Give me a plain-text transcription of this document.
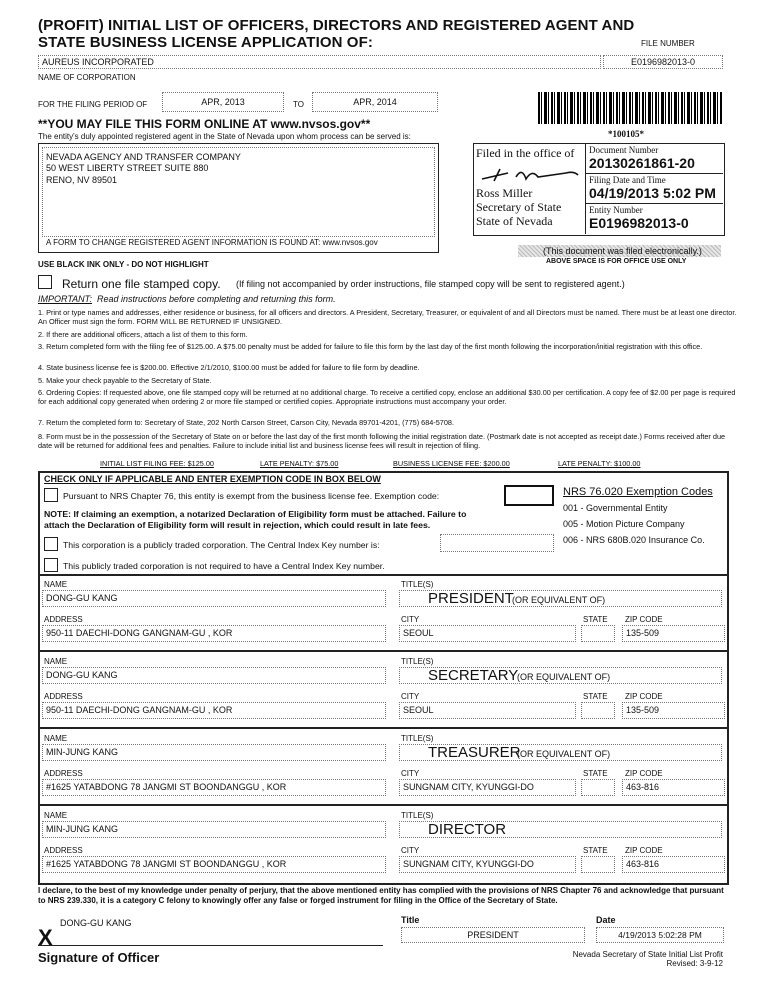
(PROFIT) INITIAL LIST OF OFFICERS, DIRECTORS AND REGISTERED AGENT AND
STATE BUSINESS LICENSE APPLICATION OF:	FILE NUMBER
AUREUS INCORPORATED	E0196982013-0
NAME OF CORPORATION
FOR THE FILING PERIOD OF	APR, 2013	TO	APR, 2014
*100105*
**YOU MAY FILE THIS FORM ONLINE AT www.nvsos.gov**
The entity's duly appointed registered agent in the State of Nevada upon whom process can be served is:
NEVADA AGENCY AND TRANSFER COMPANY
50 WEST LIBERTY STREET SUITE 880
RENO, NV 89501
A FORM TO CHANGE REGISTERED AGENT INFORMATION IS FOUND AT: www.nvsos.gov
Filed in the office of Document Number
20130261861-20
Filing Date and Time
04/19/2013 5:02 PM
Entity Number
E0196982013-0
Ross Miller
Secretary of State
State of Nevada
(This document was filed electronically.)
ABOVE SPACE IS FOR OFFICE USE ONLY
USE BLACK INK ONLY - DO NOT HIGHLIGHT
Return one file stamped copy. (If filing not accompanied by order instructions, file stamped copy will be sent to registered agent.)
IMPORTANT: Read instructions before completing and returning this form.
1. Print or type names and addresses, either residence or business, for all officers and directors. A President, Secretary, Treasurer, or equivalent of and all Directors must be named. There must be at least one director. An Officer must sign the form. FORM WILL BE RETURNED IF UNSIGNED.
2. If there are additional officers, attach a list of them to this form.
3. Return completed form with the filing fee of $125.00. A $75.00 penalty must be added for failure to file this form by the last day of the first month following the incorporation/initial registration with this office.
4. State business license fee is $200.00. Effective 2/1/2010, $100.00 must be added for failure to file form by deadline.
5. Make your check payable to the Secretary of State.
6. Ordering Copies: If requested above, one file stamped copy will be returned at no additional charge. To receive a certified copy, enclose an additional $30.00 per certification. A copy fee of $2.00 per page is required for each additional copy generated when ordering 2 or more file stamped or certified copies. Appropriate instructions must accompany your order.
7. Return the completed form to: Secretary of State, 202 North Carson Street, Carson City, Nevada 89701-4201, (775) 684-5708.
8. Form must be in the possession of the Secretary of State on or before the last day of the first month following the initial registration date. (Postmark date is not accepted as receipt date.) Forms received after due date will be returned for additional fees and penalties. Failure to include initial list and business license fees will result in rejection of filing.
INITIAL LIST FILING FEE: $125.00	LATE PENALTY: $75.00	BUSINESS LICENSE FEE: $200.00	LATE PENALTY: $100.00
CHECK ONLY IF APPLICABLE AND ENTER EXEMPTION CODE IN BOX BELOW
Pursuant to NRS Chapter 76, this entity is exempt from the business license fee. Exemption code:
NOTE: If claiming an exemption, a notarized Declaration of Eligibility form must be attached. Failure to
attach the Declaration of Eligibility form will result in rejection, which could result in late fees.
This corporation is a publicly traded corporation. The Central Index Key number is:
This publicly traded corporation is not required to have a Central Index Key number.
NRS 76.020 Exemption Codes
001 - Governmental Entity
005 - Motion Picture Company
006 - NRS 680B.020 Insurance Co.
NAME	TITLE(S)
DONG-GU KANG	PRESIDENT
(OR EQUIVALENT OF)
ADDRESS	CITY	STATE ZIP CODE
950-11 DAECHI-DONG GANGNAM-GU , KOR	SEOUL	135-509
NAME	TITLE(S)
DONG-GU KANG	SECRETARY
(OR EQUIVALENT OF)
ADDRESS	CITY	STATE ZIP CODE
950-11 DAECHI-DONG GANGNAM-GU , KOR	SEOUL	135-509
NAME	TITLE(S)
MIN-JUNG KANG	TREASURER
(OR EQUIVALENT OF)
ADDRESS	CITY	STATE ZIP CODE
#1625 YATABDONG 78 JANGMI ST BOONDANGGU , KOR	SUNGNAM CITY, KYUNGGI-DO	463-816
NAME	TITLE(S)
MIN-JUNG KANG	DIRECTOR
ADDRESS	CITY	STATE ZIP CODE
#1625 YATABDONG 78 JANGMI ST BOONDANGGU , KOR	SUNGNAM CITY, KYUNGGI-DO	463-816
I declare, to the best of my knowledge under penalty of perjury, that the above mentioned entity has complied with the provisions of NRS Chapter 76 and acknowledge that pursuant to NRS 239.330, it is a category C felony to knowingly offer any false or forged instrument for filing in the Office of the Secretary of State.
X
DONG-GU KANG
Signature of Officer
Title
PRESIDENT
Date
4/19/2013 5:02:28 PM
Nevada Secretary of State Initial List Profit
Revised: 3-9-12
